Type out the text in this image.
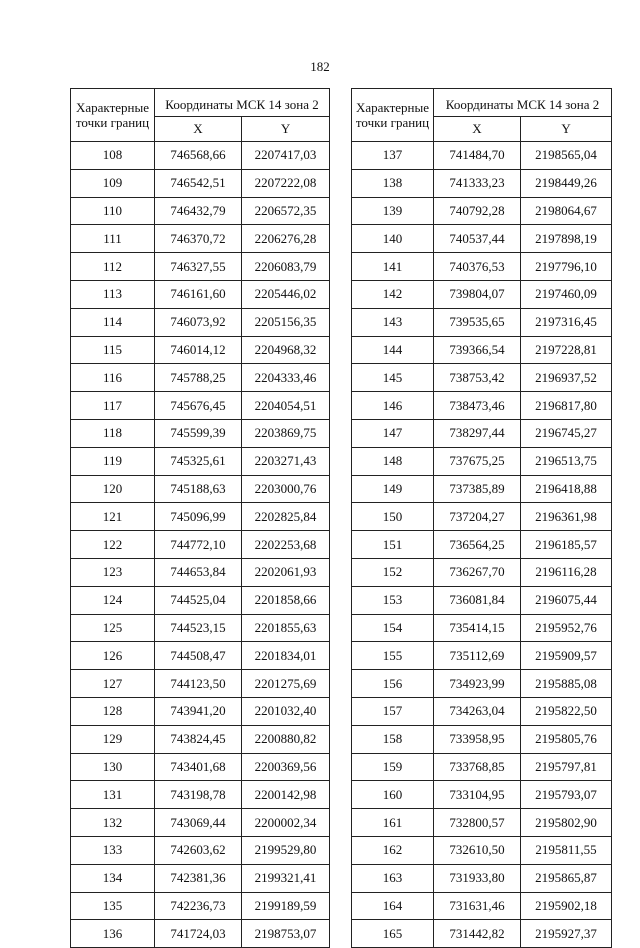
182
Характерные точки границ	Координаты МСК 14 зона 2	
	X	Y
108	746568,66	2207417,03
109	746542,51	2207222,08
110	746432,79	2206572,35
111	746370,72	2206276,28
112	746327,55	2206083,79
113	746161,60	2205446,02
114	746073,92	2205156,35
115	746014,12	2204968,32
116	745788,25	2204333,46
117	745676,45	2204054,51
118	745599,39	2203869,75
119	745325,61	2203271,43
120	745188,63	2203000,76
121	745096,99	2202825,84
122	744772,10	2202253,68
123	744653,84	2202061,93
124	744525,04	2201858,66
125	744523,15	2201855,63
126	744508,47	2201834,01
127	744123,50	2201275,69
128	743941,20	2201032,40
129	743824,45	2200880,82
130	743401,68	2200369,56
131	743198,78	2200142,98
132	743069,44	2200002,34
133	742603,62	2199529,80
134	742381,36	2199321,41
135	742236,73	2199189,59
136	741724,03	2198753,07
Характерные точки границ	Координаты МСК 14 зона 2	
	X	Y
137	741484,70	2198565,04
138	741333,23	2198449,26
139	740792,28	2198064,67
140	740537,44	2197898,19
141	740376,53	2197796,10
142	739804,07	2197460,09
143	739535,65	2197316,45
144	739366,54	2197228,81
145	738753,42	2196937,52
146	738473,46	2196817,80
147	738297,44	2196745,27
148	737675,25	2196513,75
149	737385,89	2196418,88
150	737204,27	2196361,98
151	736564,25	2196185,57
152	736267,70	2196116,28
153	736081,84	2196075,44
154	735414,15	2195952,76
155	735112,69	2195909,57
156	734923,99	2195885,08
157	734263,04	2195822,50
158	733958,95	2195805,76
159	733768,85	2195797,81
160	733104,95	2195793,07
161	732800,57	2195802,90
162	732610,50	2195811,55
163	731933,80	2195865,87
164	731631,46	2195902,18
165	731442,82	2195927,37
